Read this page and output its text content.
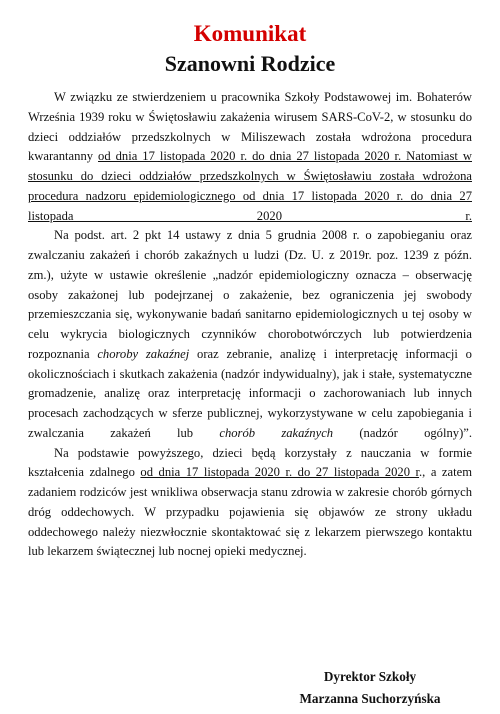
Komunikat
Szanowni Rodzice

W związku ze stwierdzeniem u pracownika Szkoły Podstawowej im. Bohaterów Września 1939 roku w Świętosławiu zakażenia wirusem SARS-CoV-2, w stosunku do dzieci oddziałów przedszkolnych w Miliszewach została wdrożona procedura kwarantanny od dnia 17 listopada 2020 r. do dnia 27 listopada 2020 r. Natomiast w stosunku do dzieci oddziałów przedszkolnych w Świętosławiu została wdrożona procedura nadzoru epidemiologicznego od dnia 17 listopada 2020 r. do dnia 27 listopada 2020 r.

Na podst. art. 2 pkt 14 ustawy z dnia 5 grudnia 2008 r. o zapobieganiu oraz zwalczaniu zakażeń i chorób zakaźnych u ludzi (Dz. U. z 2019r. poz. 1239 z późn. zm.), użyte w ustawie określenie „nadzór epidemiologiczny oznacza – obserwację osoby zakażonej lub podejrzanej o zakażenie, bez ograniczenia jej swobody przemieszczania się, wykonywanie badań sanitarno epidemiologicznych u tej osoby w celu wykrycia biologicznych czynników chorobotwórczych lub potwierdzenia rozpoznania choroby zakaźnej oraz zebranie, analizę i interpretację informacji o okolicznościach i skutkach zakażenia (nadzór indywidualny), jak i stałe, systematyczne gromadzenie, analizę oraz interpretację informacji o zachorowaniach lub innych procesach zachodzących w sferze publicznej, wykorzystywane w celu zapobiegania i zwalczania zakażeń lub chorób zakaźnych (nadzór ogólny)”.

Na podstawie powyższego, dzieci będą korzystały z nauczania w formie kształcenia zdalnego od dnia 17 listopada 2020 r. do 27 listopada 2020 r., a zatem zadaniem rodziców jest wnikliwa obserwacja stanu zdrowia w zakresie chorób górnych dróg oddechowych. W przypadku pojawienia się objawów ze strony układu oddechowego należy niezwłocznie skontaktować się z lekarzem pierwszego kontaktu lub lekarzem świątecznej lub nocnej opieki medycznej.

Dyrektor Szkoły
Marzanna Suchorzyńska
